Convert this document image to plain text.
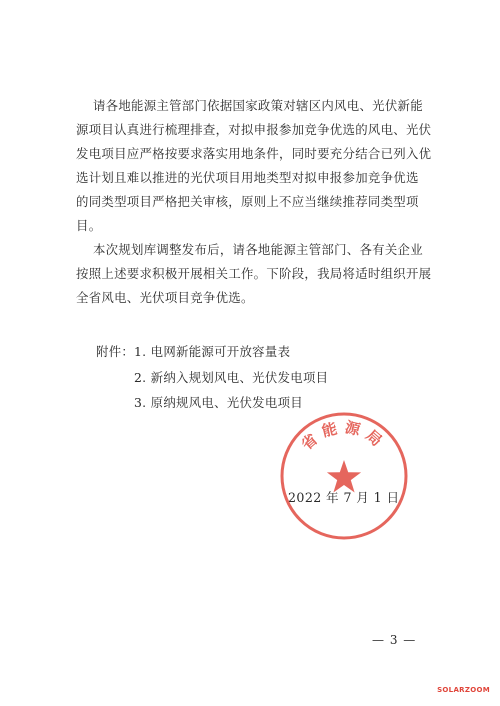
请各地能源主管部门依据国家政策对辖区内风电、光伏新能
源项目认真进行梳理排查，对拟申报参加竞争优选的风电、光伏
发电项目应严格按要求落实用地条件，同时要充分结合已列入优
选计划且难以推进的光伏项目用地类型对拟申报参加竞争优选
的同类型项目严格把关审核，原则上不应当继续推荐同类型项
目。

本次规划库调整发布后，请各地能源主管部门、各有关企业
按照上述要求积极开展相关工作。下阶段，我局将适时组织开展
全省风电、光伏项目竞争优选。

附件： 1. 电网新能源可开放容量表
2. 新纳入规划风电、光伏发电项目
3. 原纳规风电、光伏发电项目
2022 年 7 月 1 日
省能源局
— 3 —
SOLARZOOM
